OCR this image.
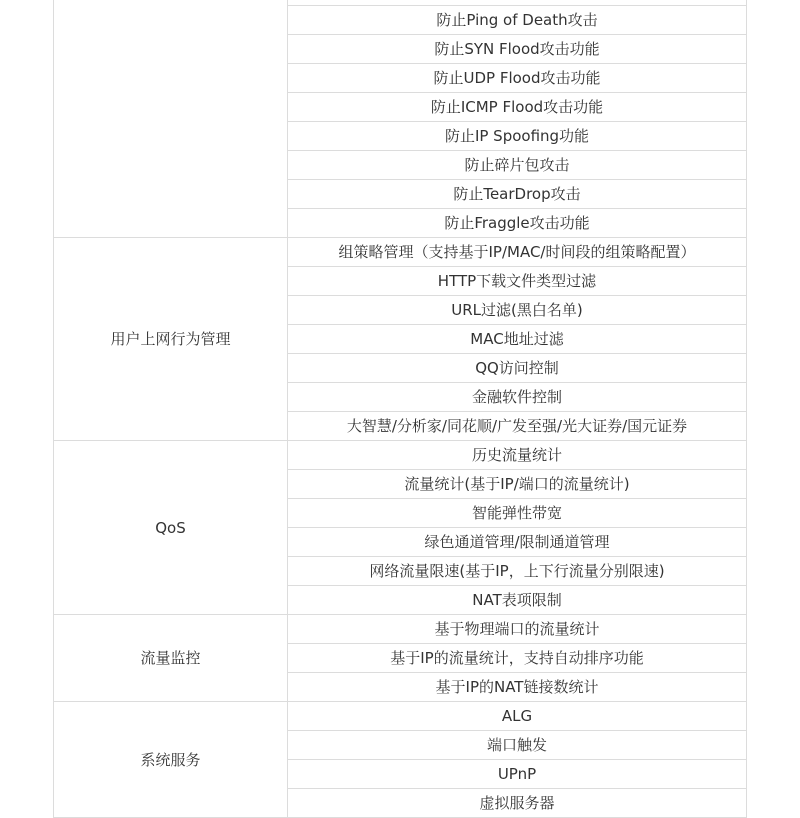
	防止Ping of Death攻击
	防止SYN Flood攻击功能
	防止UDP Flood攻击功能
	防止ICMP Flood攻击功能
	防止IP Spoofing功能
	防止碎片包攻击
	防止TearDrop攻击
	防止Fraggle攻击功能
用户上网行为管理	组策略管理（支持基于IP/MAC/时间段的组策略配置）
	HTTP下载文件类型过滤
	URL过滤(黑白名单)
	MAC地址过滤
	QQ访问控制
	金融软件控制
	大智慧/分析家/同花顺/广发至强/光大证券/国元证券
QoS	历史流量统计
	流量统计(基于IP/端口的流量统计)
	智能弹性带宽
	绿色通道管理/限制通道管理
	网络流量限速(基于IP，上下行流量分别限速)
	NAT表项限制
流量监控	基于物理端口的流量统计
	基于IP的流量统计，支持自动排序功能
	基于IP的NAT链接数统计
系统服务	ALG
	端口触发
	UPnP
	虚拟服务器
